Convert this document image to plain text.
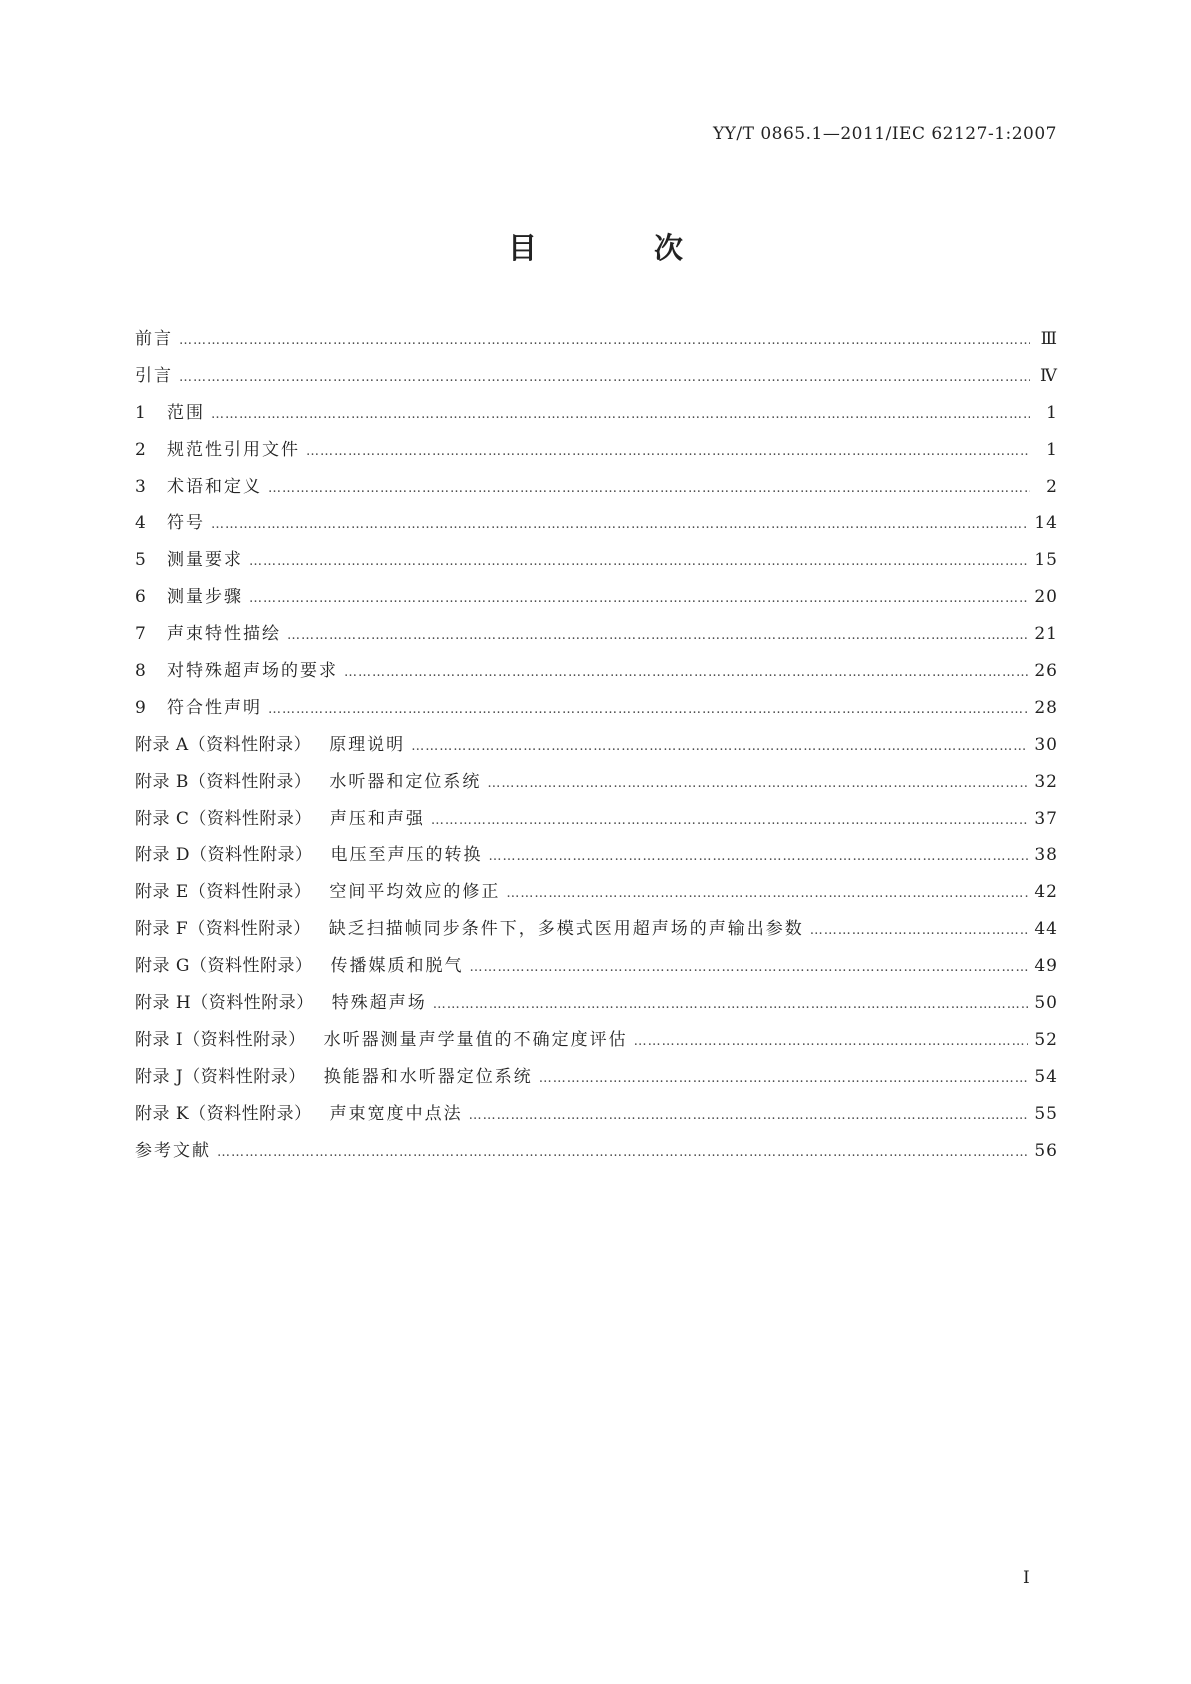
YY/T 0865.1—2011/IEC 62127-1:2007
目　次
前言 ……………………………………………………………………………………………………………………………………………………………………………………………	Ⅲ
引言 ……………………………………………………………………………………………………………………………………………………………………………………………	Ⅳ
1	范围 ……………………………………………………………………………………………………………………………………………………………………………………………	1
2	规范性引用文件 ……………………………………………………………………………………………………………………………………………………………………………………………	1
3	术语和定义 ……………………………………………………………………………………………………………………………………………………………………………………………	2
4	符号 ……………………………………………………………………………………………………………………………………………………………………………………………	14
5	测量要求 ……………………………………………………………………………………………………………………………………………………………………………………………	15
6	测量步骤 ……………………………………………………………………………………………………………………………………………………………………………………………	20
7	声束特性描绘 ……………………………………………………………………………………………………………………………………………………………………………………………	21
8	对特殊超声场的要求 ……………………………………………………………………………………………………………………………………………………………………………………………	26
9	符合性声明 ……………………………………………………………………………………………………………………………………………………………………………………………	28
附录 A（资料性附录） 原理说明 ……………………………………………………………………………………………………………………………………………………………………………………………	30
附录 B（资料性附录） 水听器和定位系统 ……………………………………………………………………………………………………………………………………………………………………………………………	32
附录 C（资料性附录） 声压和声强 ……………………………………………………………………………………………………………………………………………………………………………………………	37
附录 D（资料性附录） 电压至声压的转换 ……………………………………………………………………………………………………………………………………………………………………………………………	38
附录 E（资料性附录） 空间平均效应的修正 ……………………………………………………………………………………………………………………………………………………………………………………………	42
附录 F（资料性附录） 缺乏扫描帧同步条件下，多模式医用超声场的声输出参数 ……………………………………………………………………………………………………………………………………………………………………………………………	44
附录 G（资料性附录） 传播媒质和脱气 ……………………………………………………………………………………………………………………………………………………………………………………………	49
附录 H（资料性附录） 特殊超声场 ……………………………………………………………………………………………………………………………………………………………………………………………	50
附录 I（资料性附录） 水听器测量声学量值的不确定度评估 ……………………………………………………………………………………………………………………………………………………………………………………………	52
附录 J（资料性附录） 换能器和水听器定位系统 ……………………………………………………………………………………………………………………………………………………………………………………………	54
附录 K（资料性附录） 声束宽度中点法 ……………………………………………………………………………………………………………………………………………………………………………………………	55
参考文献 ……………………………………………………………………………………………………………………………………………………………………………………………	56
I
